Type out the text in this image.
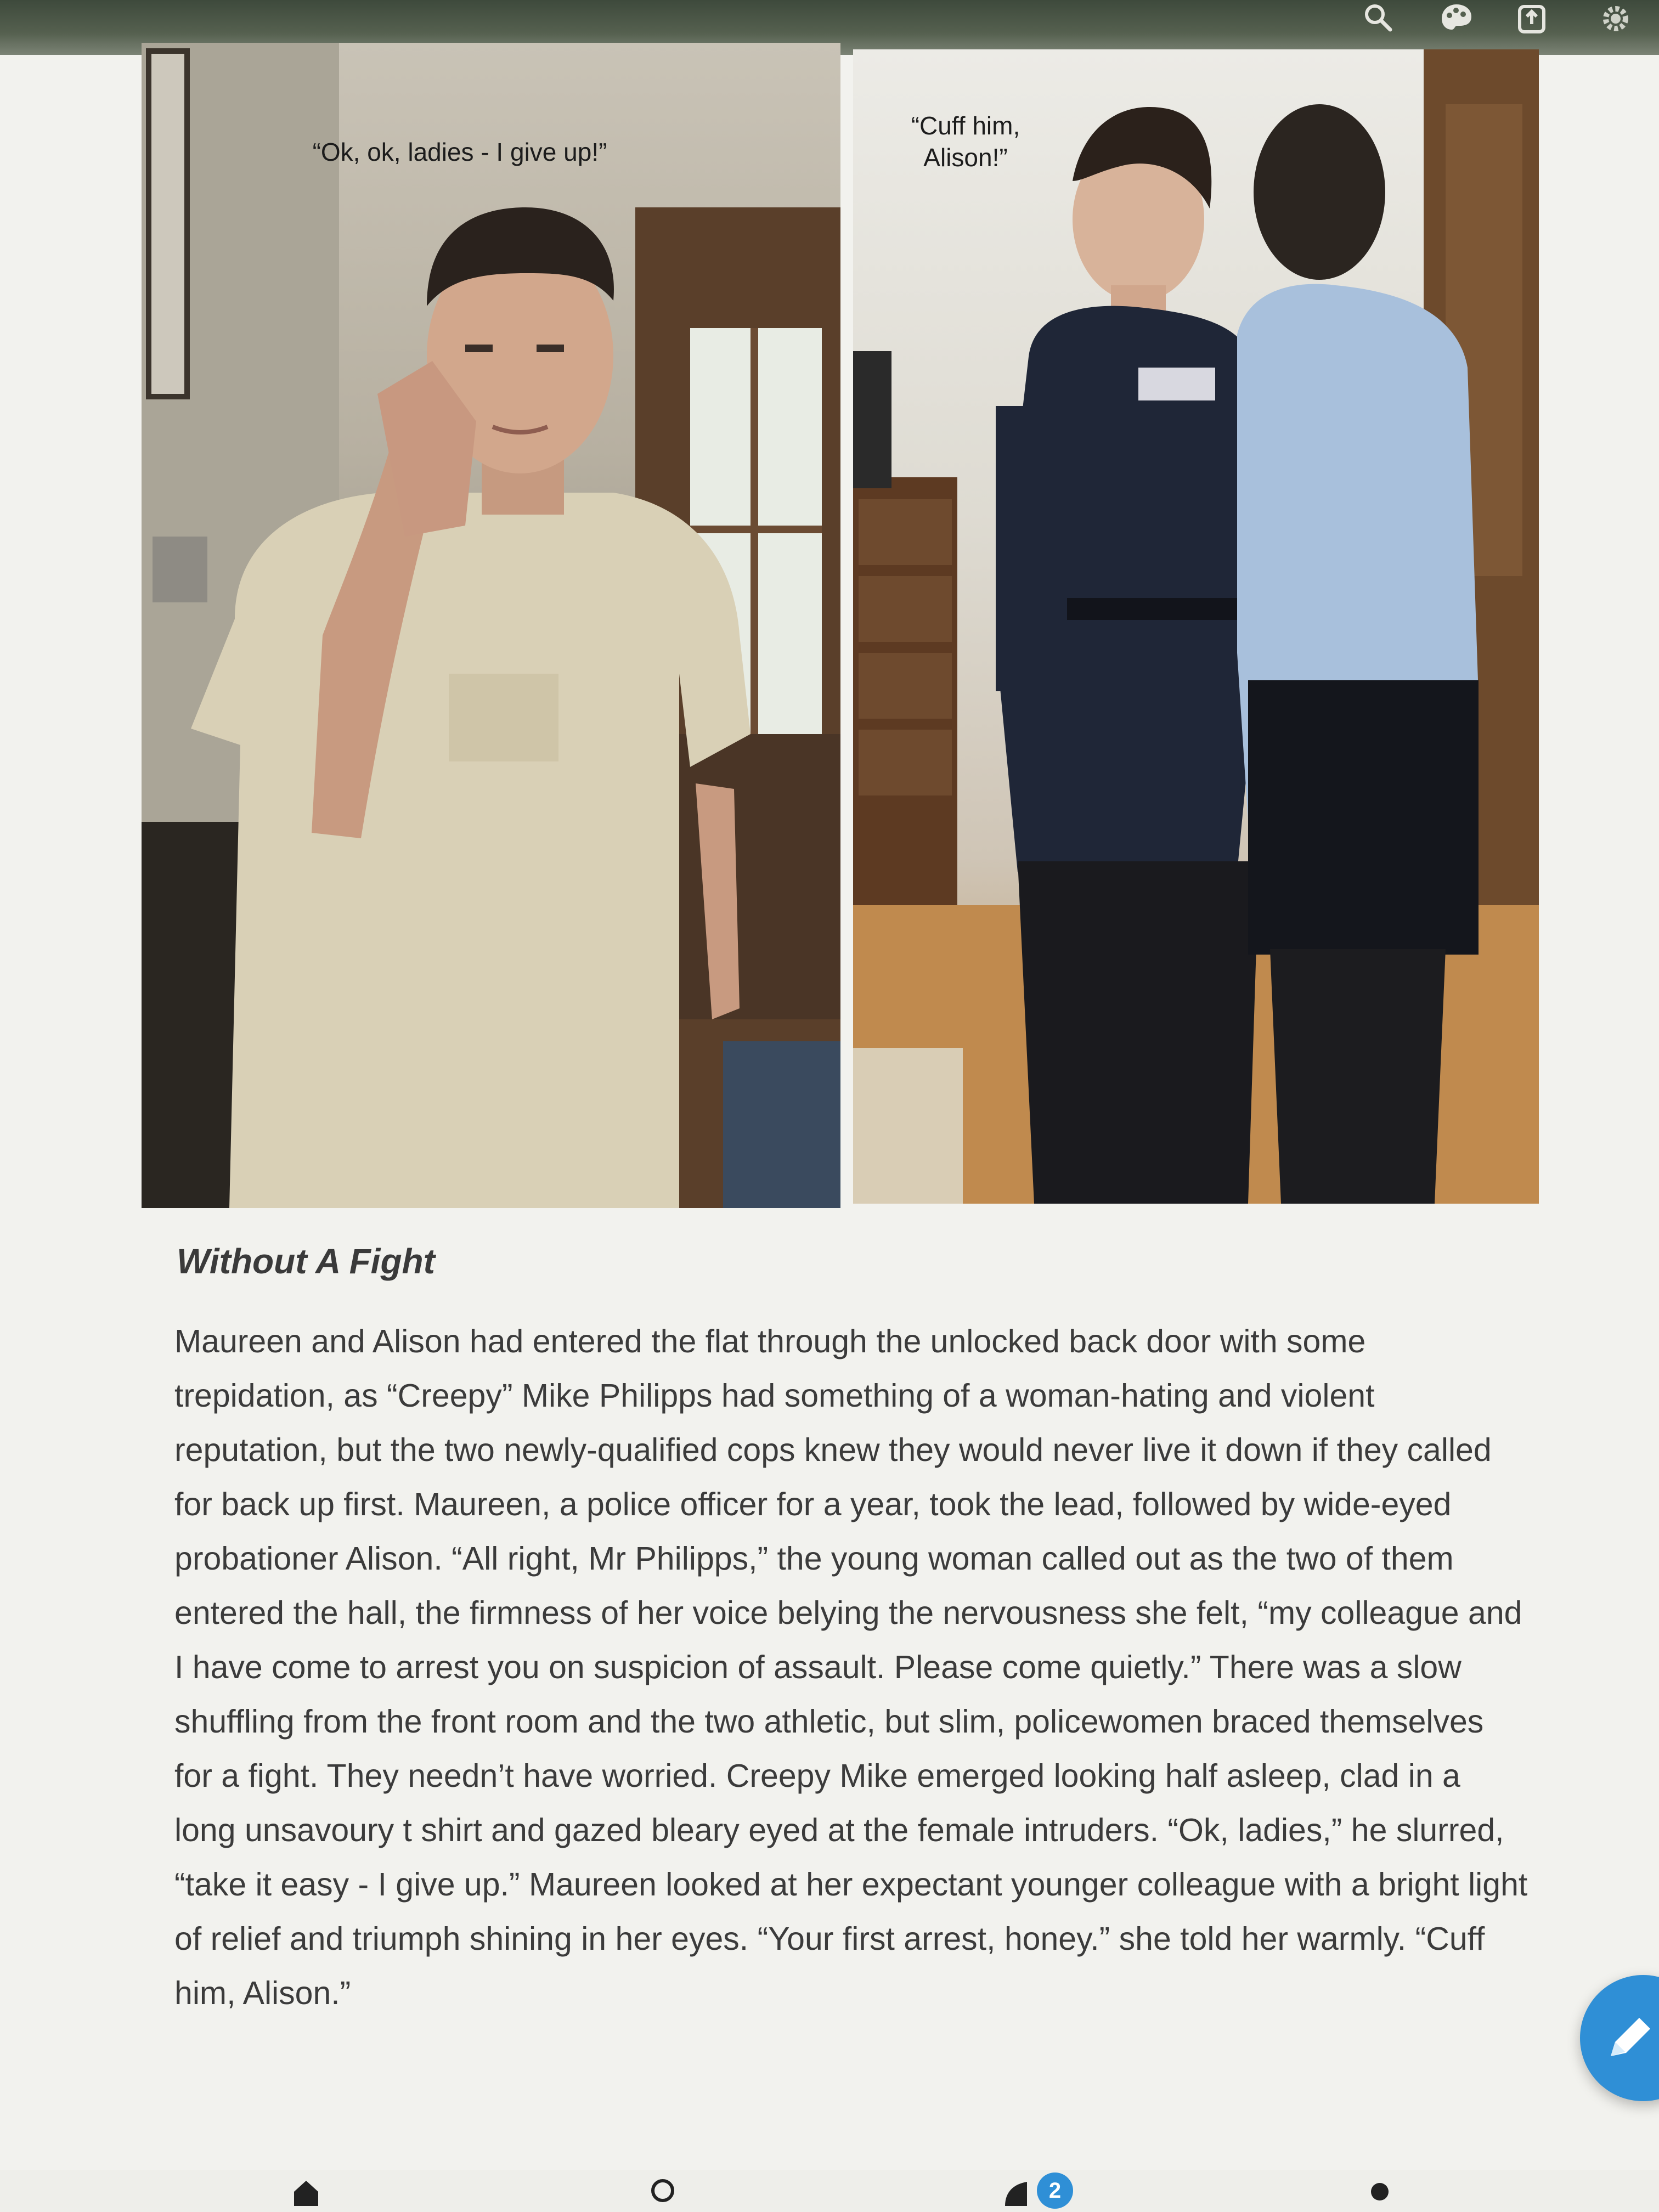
“Ok, ok, ladies - I give up!”
“Cuff him, Alison!”
Without A Fight

Maureen and Alison had entered the flat through the unlocked back door with some trepidation, as “Creepy” Mike Philipps had something of a woman-hating and violent reputation, but the two newly-qualified cops knew they would never live it down if they called for back up first. Maureen, a police officer for a year, took the lead, followed by wide-eyed probationer Alison. “All right, Mr Philipps,” the young woman called out as the two of them entered the hall, the firmness of her voice belying the nervousness she felt, “my colleague and I have come to arrest you on suspicion of assault. Please come quietly.” There was a slow shuffling from the front room and the two athletic, but slim, policewomen braced themselves for a fight. They needn’t have worried. Creepy Mike emerged looking half asleep, clad in a long unsavoury t shirt and gazed bleary eyed at the female intruders. “Ok, ladies,” he slurred, “take it easy - I give up.” Maureen looked at her expectant younger colleague with a bright light of relief and triumph shining in her eyes. “Your first arrest, honey.” she told her warmly. “Cuff him, Alison.”

2
